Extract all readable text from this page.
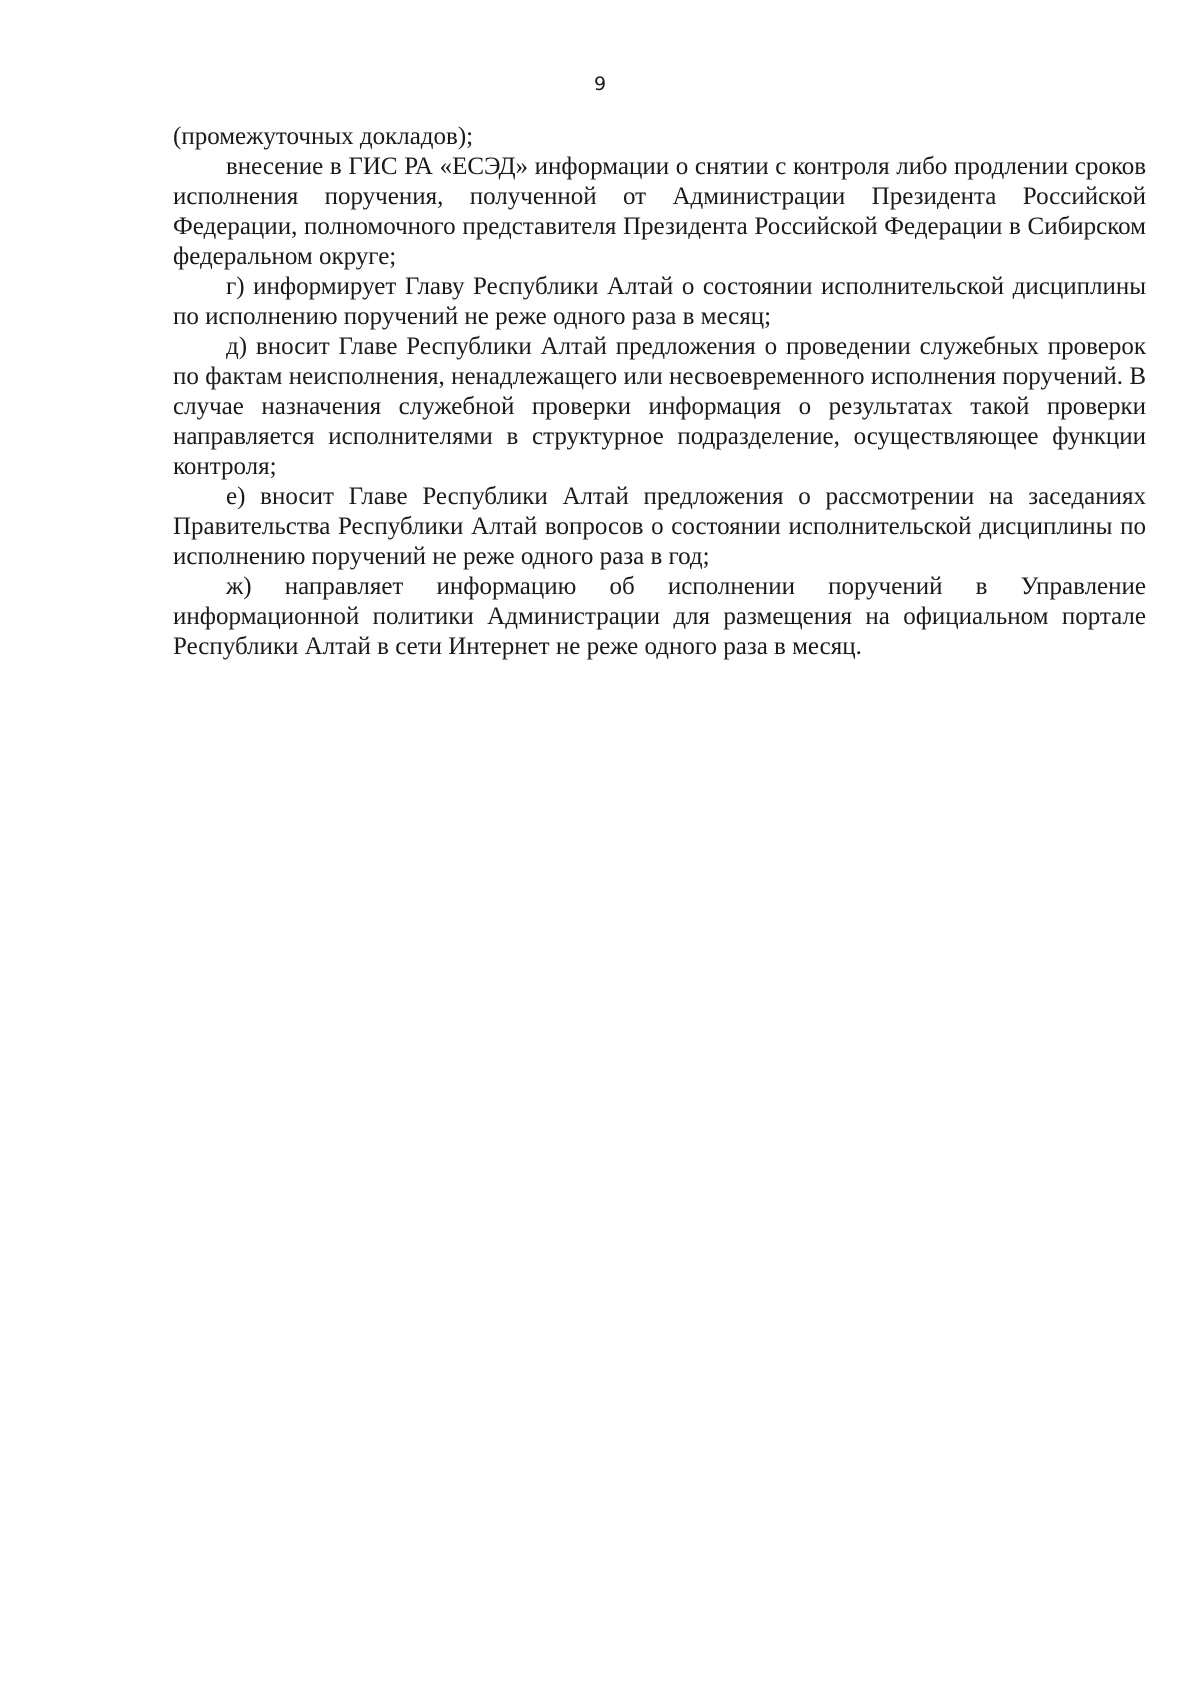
9

(промежуточных докладов);

внесение в ГИС РА «ЕСЭД» информации о снятии с контроля либо продлении сроков исполнения поручения, полученной от Администрации Президента Российской Федерации, полномочного представителя Президента Российской Федерации в Сибирском федеральном округе;

г) информирует Главу Республики Алтай о состоянии исполнительской дисциплины по исполнению поручений не реже одного раза в месяц;

д) вносит Главе Республики Алтай предложения о проведении служебных проверок по фактам неисполнения, ненадлежащего или несвоевременного исполнения поручений. В случае назначения служебной проверки информация о результатах такой проверки направляется исполнителями в структурное подразделение, осуществляющее функции контроля;

е) вносит Главе Республики Алтай предложения о рассмотрении на заседаниях Правительства Республики Алтай вопросов о состоянии исполнительской дисциплины по исполнению поручений не реже одного раза в год;

ж) направляет информацию об исполнении поручений в Управление информационной политики Администрации для размещения на официальном портале Республики Алтай в сети Интернет не реже одного раза в месяц.
